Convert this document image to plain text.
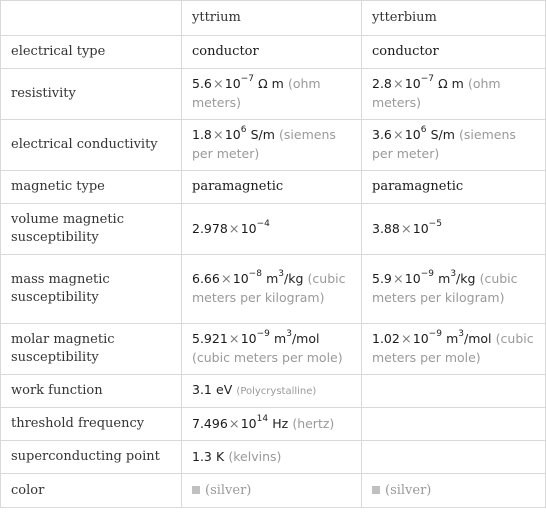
	yttrium	ytterbium
electrical type	conductor	conductor
resistivity	$5.6\times 10^{-7}$ Ω m (ohm meters)	$2.8\times 10^{-7}$ Ω m (ohm meters)
electrical conductivity	$1.8\times 10^6$ S/m (siemens per meter)	$3.6\times 10^6$ S/m (siemens per meter)
magnetic type	paramagnetic	paramagnetic
volume magnetic susceptibility	$2.978\times 10^{-4}$	$3.88\times 10^{-5}$
mass magnetic susceptibility	$6.66\times 10^{-8}$ $m^3/kg$ (cubic meters per kilogram)	$5.9\times 10^{-9}$ $m^3/kg$ (cubic meters per kilogram)
molar magnetic susceptibility	$5.921\times 10^{-9}$ $m^3$/mol (cubic meters per mole)	$1.02\times 10^{-9}$ $m^3$/mol (cubic meters per mole)
work function	3.1 eV (Polycrystalline)	
threshold frequency	$7.496\times 10^{14}$ Hz (hertz)	
superconducting point	1.3 K (kelvins)	
color	(silver)	(silver)
